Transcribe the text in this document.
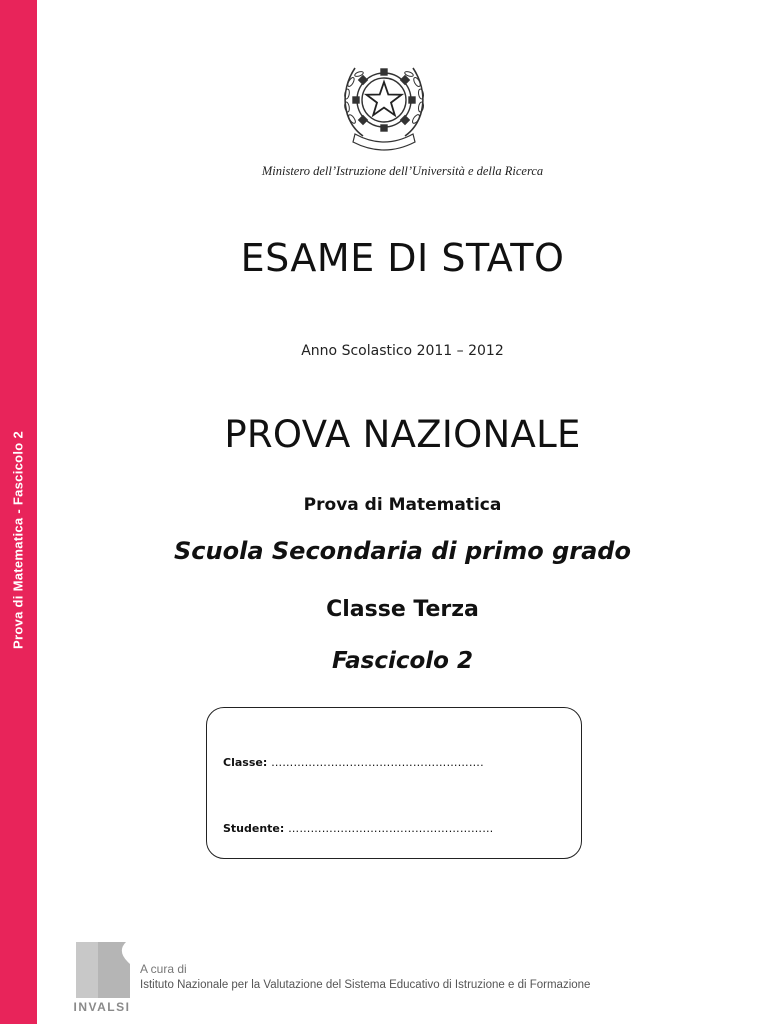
Prova di Matematica - Fascicolo 2

Ministero dell’Istruzione dell’Università e della Ricerca

ESAME DI STATO

Anno Scolastico 2011 – 2012

PROVA NAZIONALE

Prova di Matematica

Scuola Secondaria di primo grado

Classe Terza

Fascicolo 2

Classe: ……………………..………………………….
Studente: ………………………….……………………
INVALSI
A cura di
Istituto Nazionale per la Valutazione del Sistema Educativo di Istruzione e di Formazione
